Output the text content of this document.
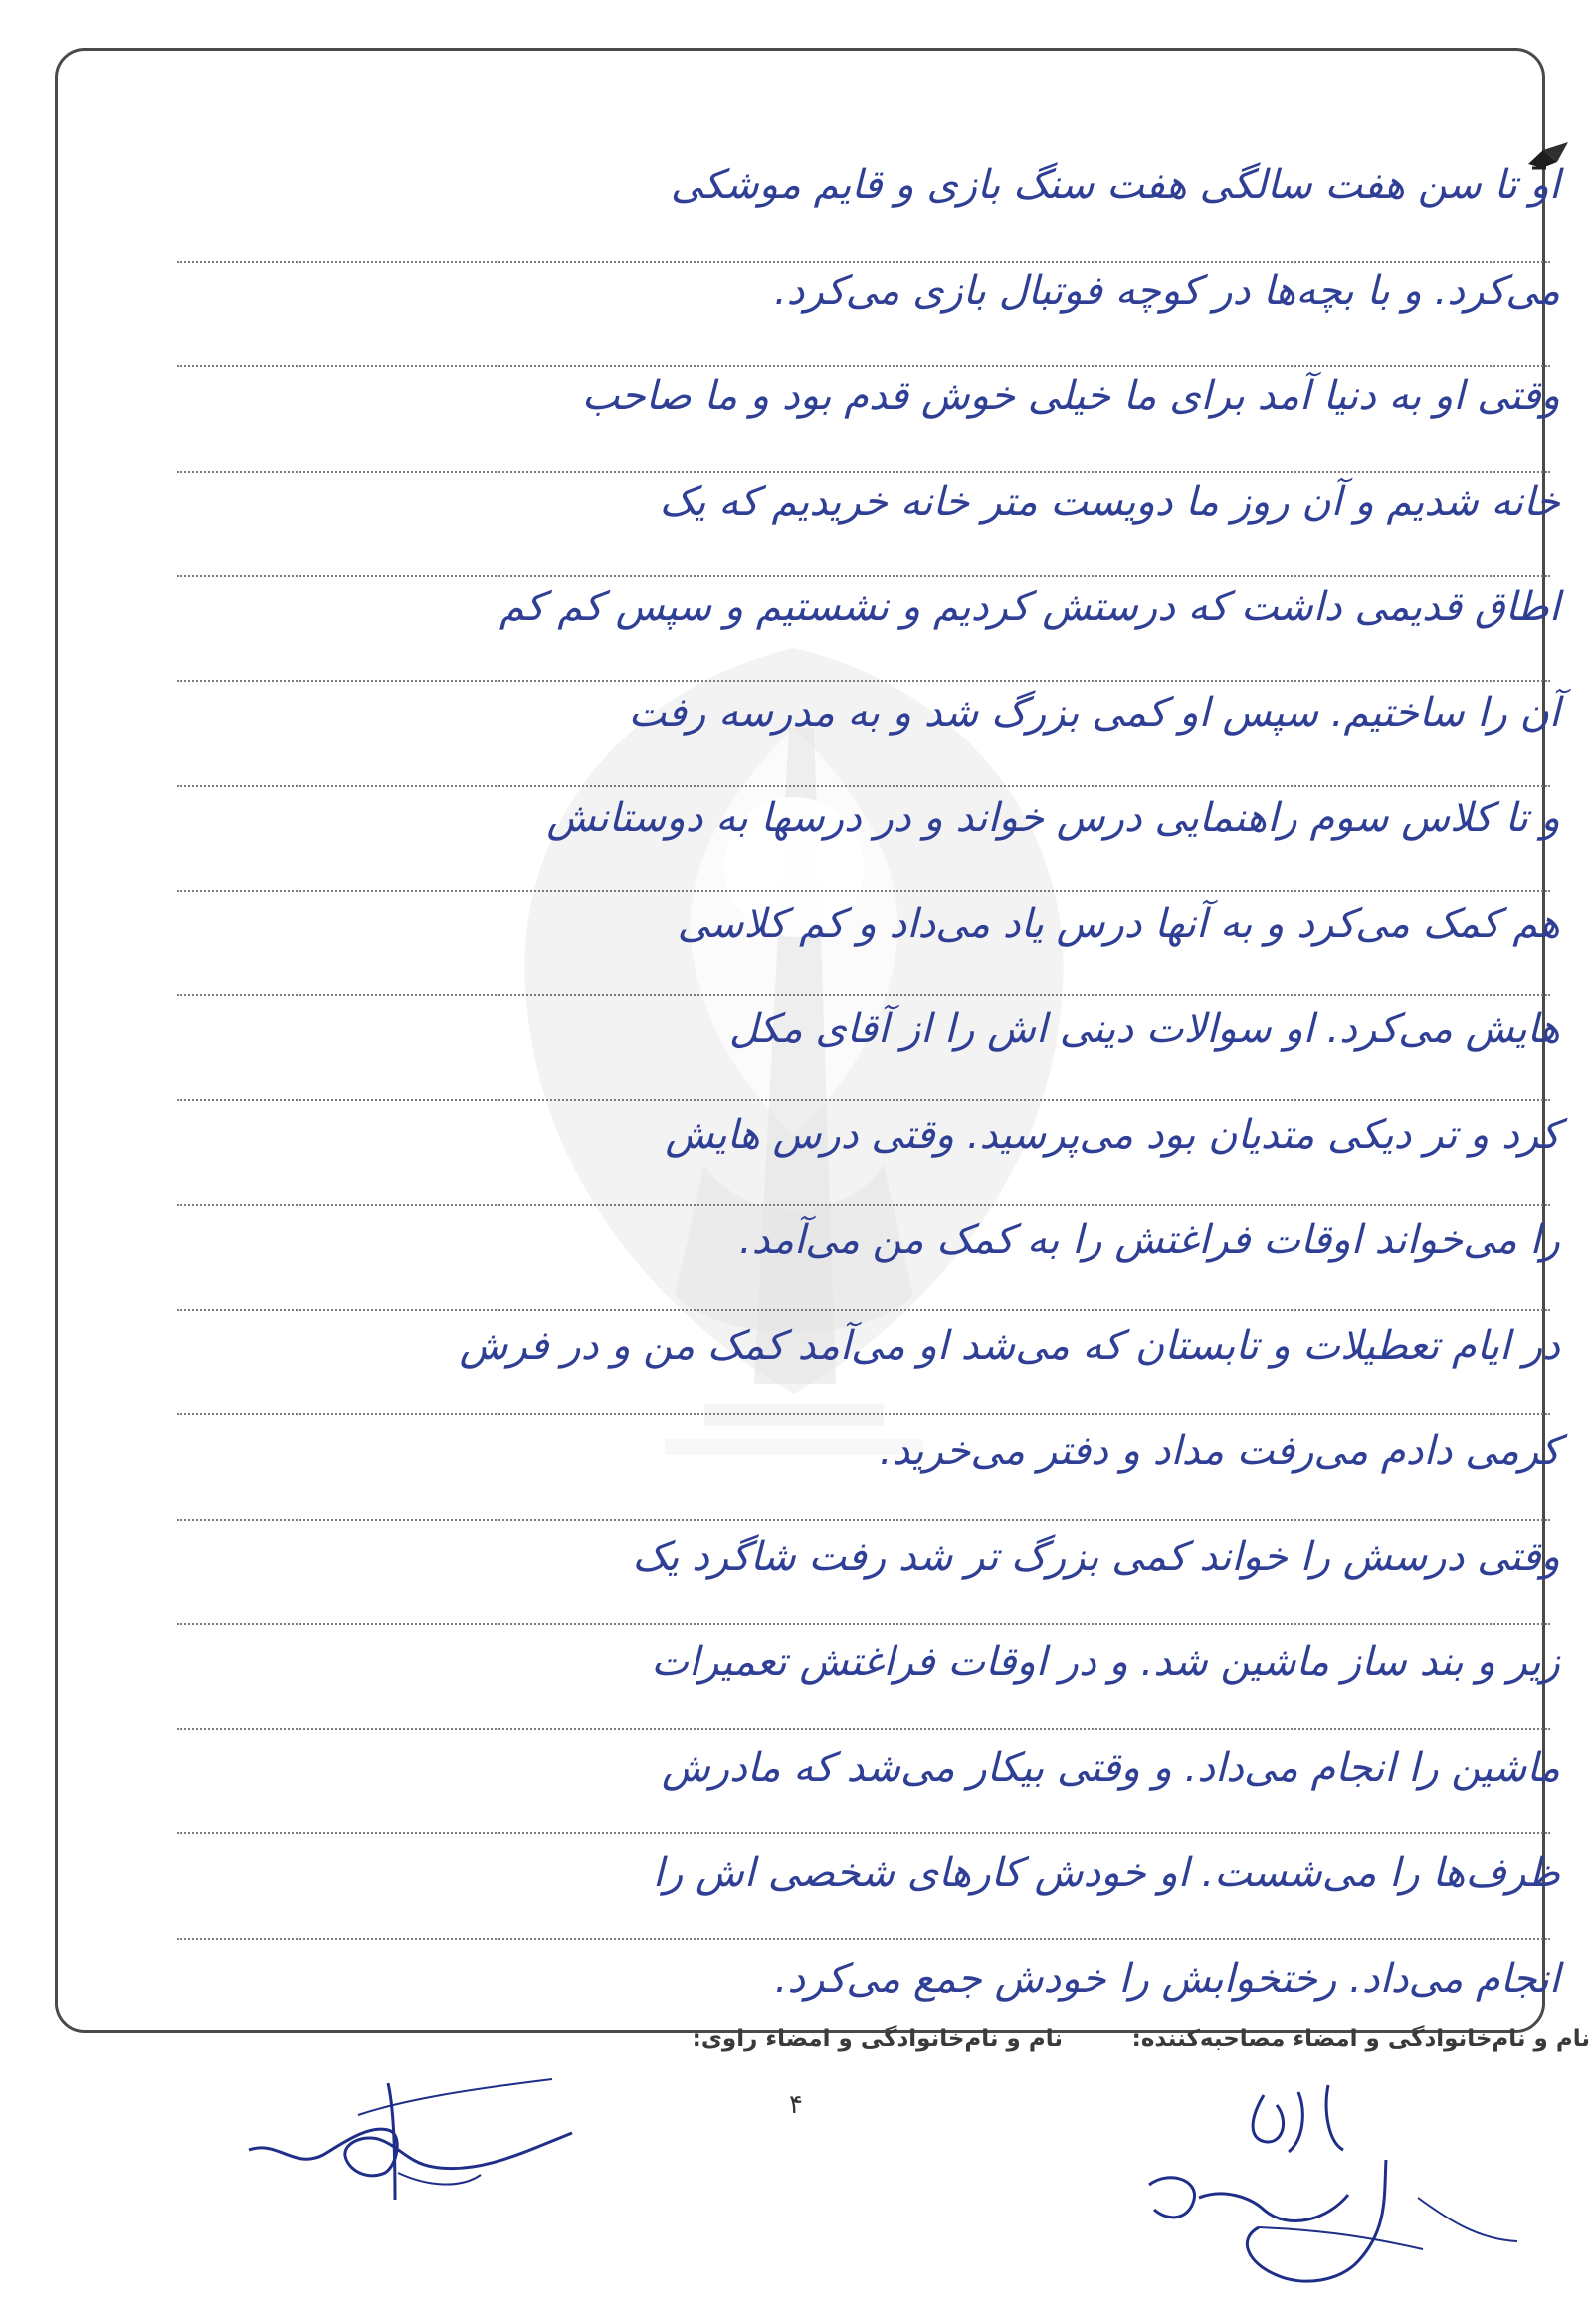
او تا سن هفت سالگی هفت سنگ بازی و قایم موشکی
می‌کرد. و با بچه‌ها در کوچه فوتبال بازی می‌کرد.
وقتی او به دنیا آمد برای ما خیلی خوش قدم بود و ما صاحب
خانه شدیم و آن روز ما دویست متر خانه خریدیم که یک
اطاق قدیمی داشت که درستش کردیم و نشستیم و سپس کم کم
آن را ساختیم. سپس او کمی بزرگ شد و به مدرسه رفت
و تا کلاس سوم راهنمایی درس خواند و در درسها به دوستانش
هم کمک می‌کرد و به آنها درس یاد می‌داد و کم کلاسی
هایش می‌کرد. او سوالات دینی اش را از آقای مکل
کرد و تر دیکی متدیان بود می‌پرسید. وقتی درس هایش
را می‌خواند اوقات فراغتش را به کمک من می‌آمد.
در ایام تعطیلات و تابستان که می‌شد او می‌آمد کمک من و در فرش
کرمی دادم می‌رفت مداد و دفتر می‌خرید.
وقتی درسش را خواند کمی بزرگ تر شد رفت شاگرد یک
زیر و بند ساز ماشین شد. و در اوقات فراغتش تعمیرات
ماشین را انجام می‌داد. و وقتی بیکار می‌شد که مادرش
ظرف‌ها را می‌شست. او خودش کارهای شخصی اش را
انجام می‌داد. رختخوابش را خودش جمع می‌کرد.
نام و نام‌خانوادگی و امضاء راوی:	نام و نام‌خانوادگی و امضاء مصاحبه‌کننده:
۴
